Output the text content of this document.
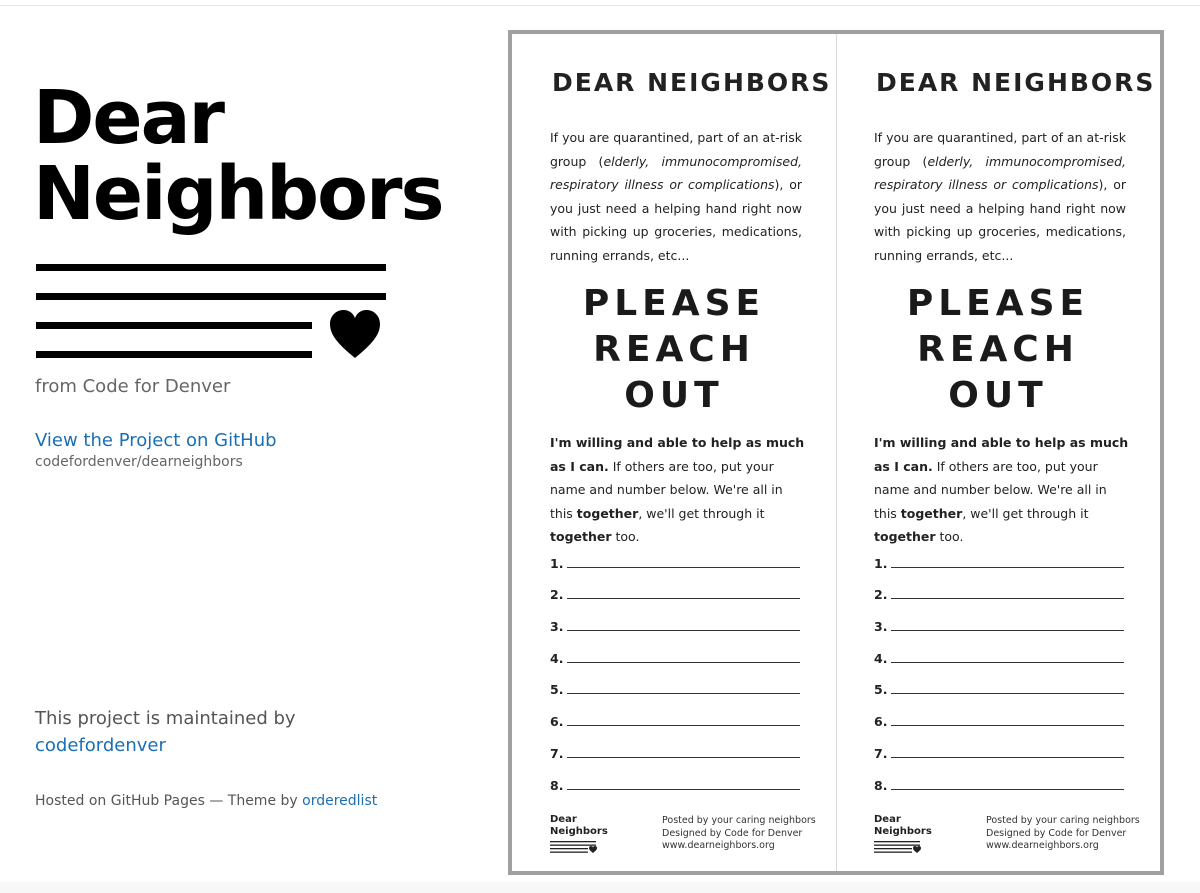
Dear
Neighbors
from Code for Denver
View the Project on GitHub
codefordenver/dearneighbors
This project is maintained by
codefordenver
Hosted on GitHub Pages — Theme by orderedlist
DEAR NEIGHBORS
If you are quarantined, part of an at-risk group (elderly, immunocompromised, respiratory illness or complications), or you just need a helping hand right now with picking up groceries, medications, running errands, etc...
PLEASE
REACH
OUT
I'm willing and able to help as much as I can. If others are too, put your name and number below. We're all in this together, we'll get through it together too.
1.
2.
3.
4.
5.
6.
7.
8.
Dear
Neighbors
Posted by your caring neighbors
Designed by Code for Denver
www.dearneighbors.org
DEAR NEIGHBORS
If you are quarantined, part of an at-risk group (elderly, immunocompromised, respiratory illness or complications), or you just need a helping hand right now with picking up groceries, medications, running errands, etc...
PLEASE
REACH
OUT
I'm willing and able to help as much as I can. If others are too, put your name and number below. We're all in this together, we'll get through it together too.
1.
2.
3.
4.
5.
6.
7.
8.
Dear
Neighbors
Posted by your caring neighbors
Designed by Code for Denver
www.dearneighbors.org
